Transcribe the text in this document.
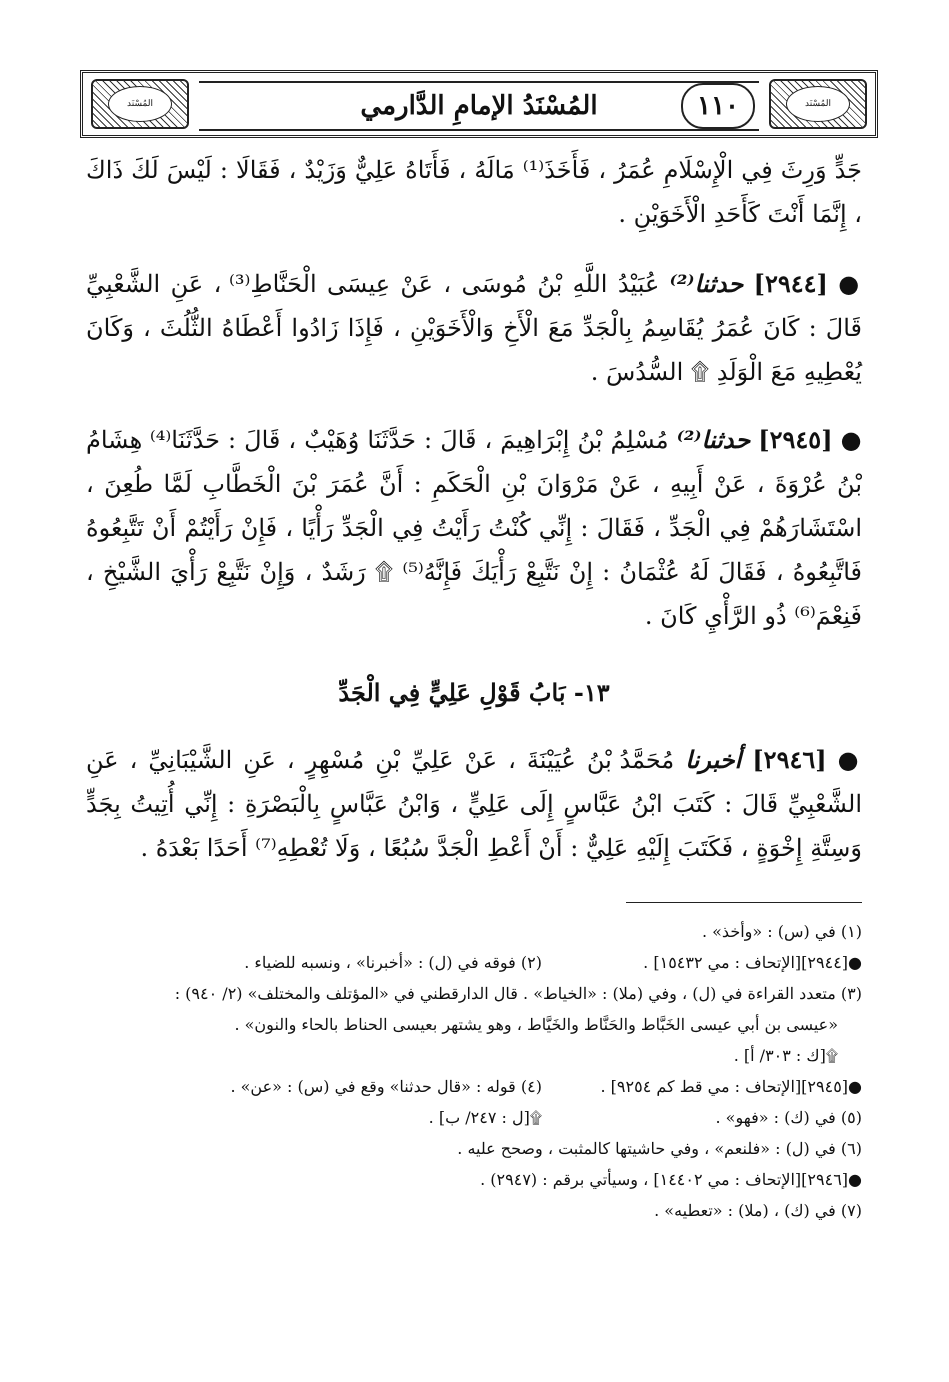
المُسْنَد	المُسْنَدُ الإمامِ الدَّارمي	١١٠	المُسْنَد
جَدٍّ وَرِثَ فِي الْإِسْلَامِ عُمَرُ ، فَأَخَذَ⁽¹⁾ مَالَهُ ، فَأَتَاهُ عَلِيٌّ وَزَيْدٌ ، فَقَالَا : لَيْسَ لَكَ ذَاكَ ، إِنَّمَا أَنْتَ كَأَحَدِ الْأَخَوَيْنِ .
● [٢٩٤٤] حدثنا⁽²⁾ عُبَيْدُ اللَّهِ بْنُ مُوسَى ، عَنْ عِيسَى الْحَنَّاطِ⁽³⁾ ، عَنِ الشَّعْبِيِّ قَالَ : كَانَ عُمَرُ يُقَاسِمُ بِالْجَدِّ مَعَ الْأَخِ وَالْأَخَوَيْنِ ، فَإِذَا زَادُوا أَعْطَاهُ الثُّلُثَ ، وَكَانَ يُعْطِيهِ مَعَ الْوَلَدِ ۩ السُّدُسَ .
● [٢٩٤٥] حدثنا⁽²⁾ مُسْلِمُ بْنُ إِبْرَاهِيمَ ، قَالَ : حَدَّثَنَا وُهَيْبٌ ، قَالَ : حَدَّثَنَا⁽⁴⁾ هِشَامُ بْنُ عُرْوَةَ ، عَنْ أَبِيهِ ، عَنْ مَرْوَانَ بْنِ الْحَكَمِ : أَنَّ عُمَرَ بْنَ الْخَطَّابِ لَمَّا طُعِنَ ، اسْتَشَارَهُمْ فِي الْجَدِّ ، فَقَالَ : إِنِّي كُنْتُ رَأَيْتُ فِي الْجَدِّ رَأْيًا ، فَإِنْ رَأَيْتُمْ أَنْ تَتَّبِعُوهُ فَاتَّبِعُوهُ ، فَقَالَ لَهُ عُثْمَانُ : إِنْ نَتَّبِعْ رَأْيَكَ فَإِنَّهُ⁽⁵⁾ ۩ رَشَدٌ ، وَإِنْ نَتَّبِعْ رَأْيَ الشَّيْخِ ، فَنِعْمَ⁽⁶⁾ ذُو الرَّأْيِ كَانَ .
١٣- بَابُ قَوْلِ عَلِيٍّ فِي الْجَدِّ
● [٢٩٤٦] أخبرنا مُحَمَّدُ بْنُ عُيَيْنَةَ ، عَنْ عَلِيِّ بْنِ مُسْهِرٍ ، عَنِ الشَّيْبَانِيِّ ، عَنِ الشَّعْبِيِّ قَالَ : كَتَبَ ابْنُ عَبَّاسٍ إِلَى عَلِيٍّ ، وَابْنُ عَبَّاسٍ بِالْبَصْرَةِ : إِنِّي أُتِيتُ بِجَدٍّ وَسِتَّةِ إِخْوَةٍ ، فَكَتَبَ إِلَيْهِ عَلِيٌّ : أَنْ أَعْطِ الْجَدَّ سُبُعًا ، وَلَا تُعْطِهِ⁽⁷⁾ أَحَدًا بَعْدَهُ .
(١) في (س) : «وأخذ» .
●[٢٩٤٤][الإتحاف : مي ١٥٤٣٢] .
(٢) فوقه في (ل) : «أخبرنا» ، ونسبه للضياء .
(٣) متعدد القراءة في (ل) ، وفي (ملا) : «الخياط» . قال الدارقطني في «المؤتلف والمختلف» (٢/ ٩٤٠) :
«عيسى بن أبي عيسى الخَبَّاط والحَنَّاط والخَيَّاط ، وهو يشتهر بعيسى الحناط بالحاء والنون» .
۩[ك : ٣٠٣/ أ] .
●[٢٩٤٥][الإتحاف : مي قط كم ٩٢٥٤] .
(٤) قوله : «قال حدثنا» وقع في (س) : «عن» .
(٥) في (ك) : «فهو» .
۩[ل : ٢٤٧/ ب] .
(٦) في (ل) : «فلنعم» ، وفي حاشيتها كالمثبت ، وصحح عليه .
●[٢٩٤٦][الإتحاف : مي ١٤٤٠٢] ، وسيأتي برقم : (٢٩٤٧) .
(٧) في (ك) ، (ملا) : «تعطيه» .
